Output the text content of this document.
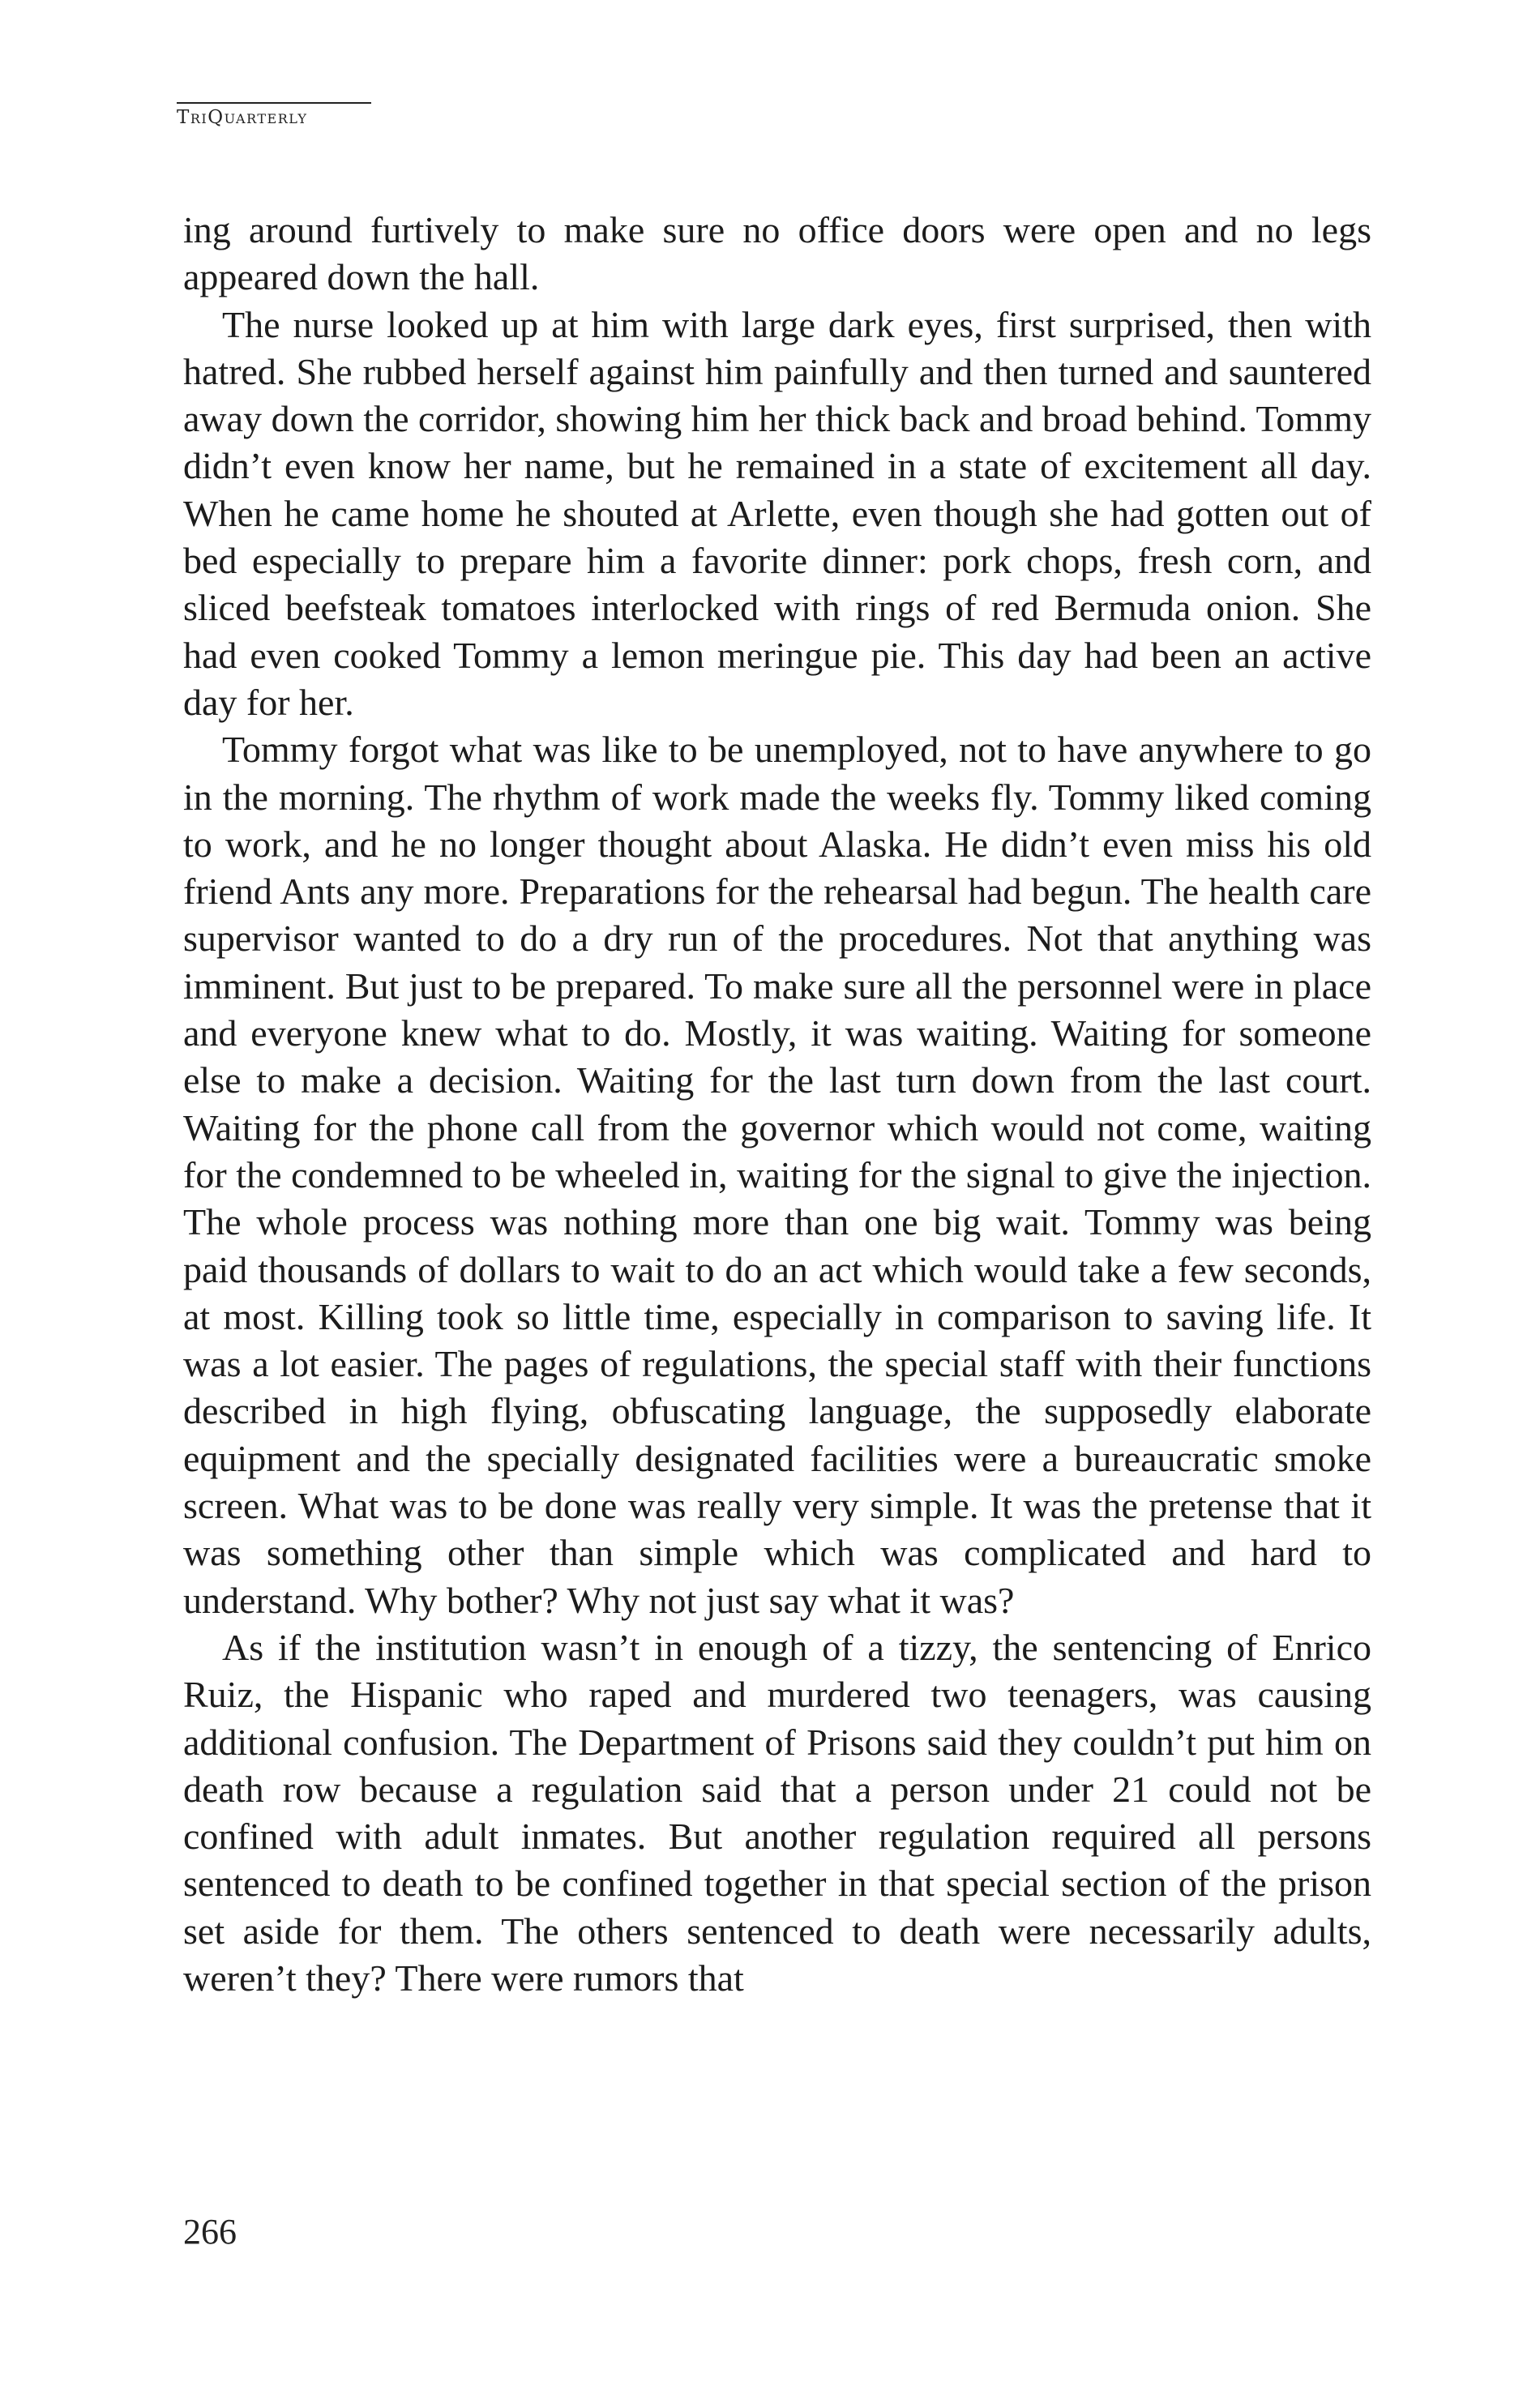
TriQuarterly

ing around furtively to make sure no office doors were open and no legs appeared down the hall.

The nurse looked up at him with large dark eyes, first surprised, then with hatred. She rubbed herself against him painfully and then turned and sauntered away down the corridor, showing him her thick back and broad behind. Tommy didn’t even know her name, but he remained in a state of excitement all day. When he came home he shouted at Arlette, even though she had gotten out of bed especially to prepare him a favorite dinner: pork chops, fresh corn, and sliced beefsteak tomatoes interlocked with rings of red Bermuda onion. She had even cooked Tommy a lemon meringue pie. This day had been an active day for her.

Tommy forgot what was like to be unemployed, not to have anywhere to go in the morning. The rhythm of work made the weeks fly. Tommy liked coming to work, and he no longer thought about Alaska. He didn’t even miss his old friend Ants any more. Preparations for the rehearsal had begun. The health care supervisor wanted to do a dry run of the procedures. Not that anything was imminent. But just to be prepared. To make sure all the personnel were in place and everyone knew what to do. Mostly, it was waiting. Waiting for someone else to make a decision. Waiting for the last turn down from the last court. Waiting for the phone call from the governor which would not come, waiting for the condemned to be wheeled in, waiting for the signal to give the injection. The whole process was nothing more than one big wait. Tommy was being paid thousands of dollars to wait to do an act which would take a few seconds, at most. Killing took so little time, especially in comparison to saving life. It was a lot easier. The pages of regulations, the special staff with their functions described in high flying, obfuscating language, the supposedly elaborate equipment and the specially designated facilities were a bureaucratic smoke screen. What was to be done was really very simple. It was the pretense that it was something other than simple which was complicated and hard to understand. Why bother? Why not just say what it was?

As if the institution wasn’t in enough of a tizzy, the sentencing of Enrico Ruiz, the Hispanic who raped and murdered two teenagers, was causing additional confusion. The Department of Prisons said they couldn’t put him on death row because a regulation said that a person under 21 could not be confined with adult inmates. But another regulation required all persons sentenced to death to be confined together in that special section of the prison set aside for them. The others sentenced to death were necessarily adults, weren’t they? There were rumors that

266
